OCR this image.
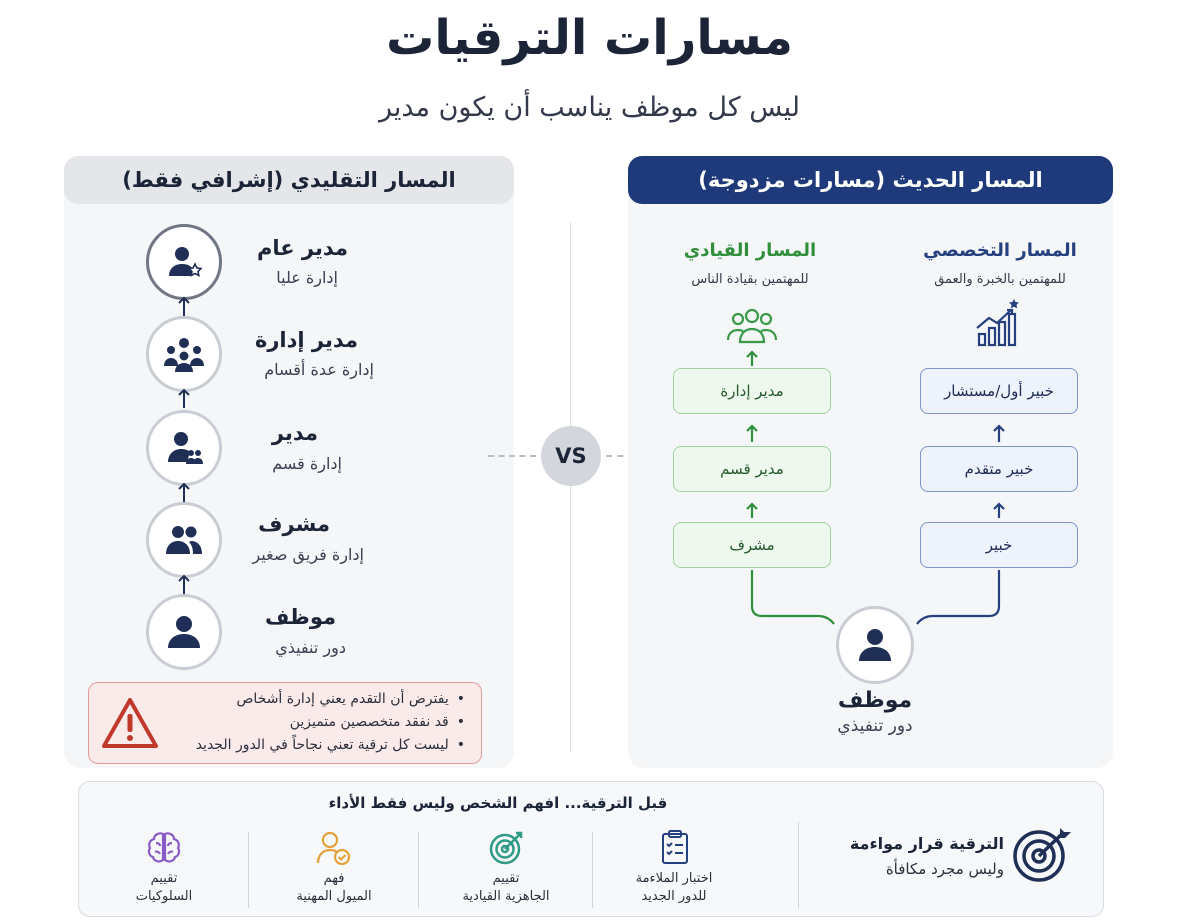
مسارات الترقيات
ليس كل موظف يناسب أن يكون مدير
المسار التقليدي (إشرافي فقط)
مدير عام
إدارة عليا
مدير إدارة
إدارة عدة أقسام
مدير
إدارة قسم
مشرف
إدارة فريق صغير
موظف
دور تنفيذي
• يفترض أن التقدم يعني إدارة أشخاص
• قد نفقد متخصصين متميزين
• ليست كل ترقية تعني نجاحاً في الدور الجديد
VS
المسار الحديث (مسارات مزدوجة)
المسار القيادي
للمهتمين بقيادة الناس
مدير إدارة
مدير قسم
مشرف
المسار التخصصي
للمهتمين بالخبرة والعمق
خبير أول/مستشار
خبير متقدم
خبير
موظف
دور تنفيذي
قبل الترقية... افهم الشخص وليس فقط الأداء
الترقية قرار مواءمة
وليس مجرد مكافأة
اختبار الملاءمة
للدور الجديد
تقييم
الجاهزية القيادية
فهم
الميول المهنية
تقييم
السلوكيات
